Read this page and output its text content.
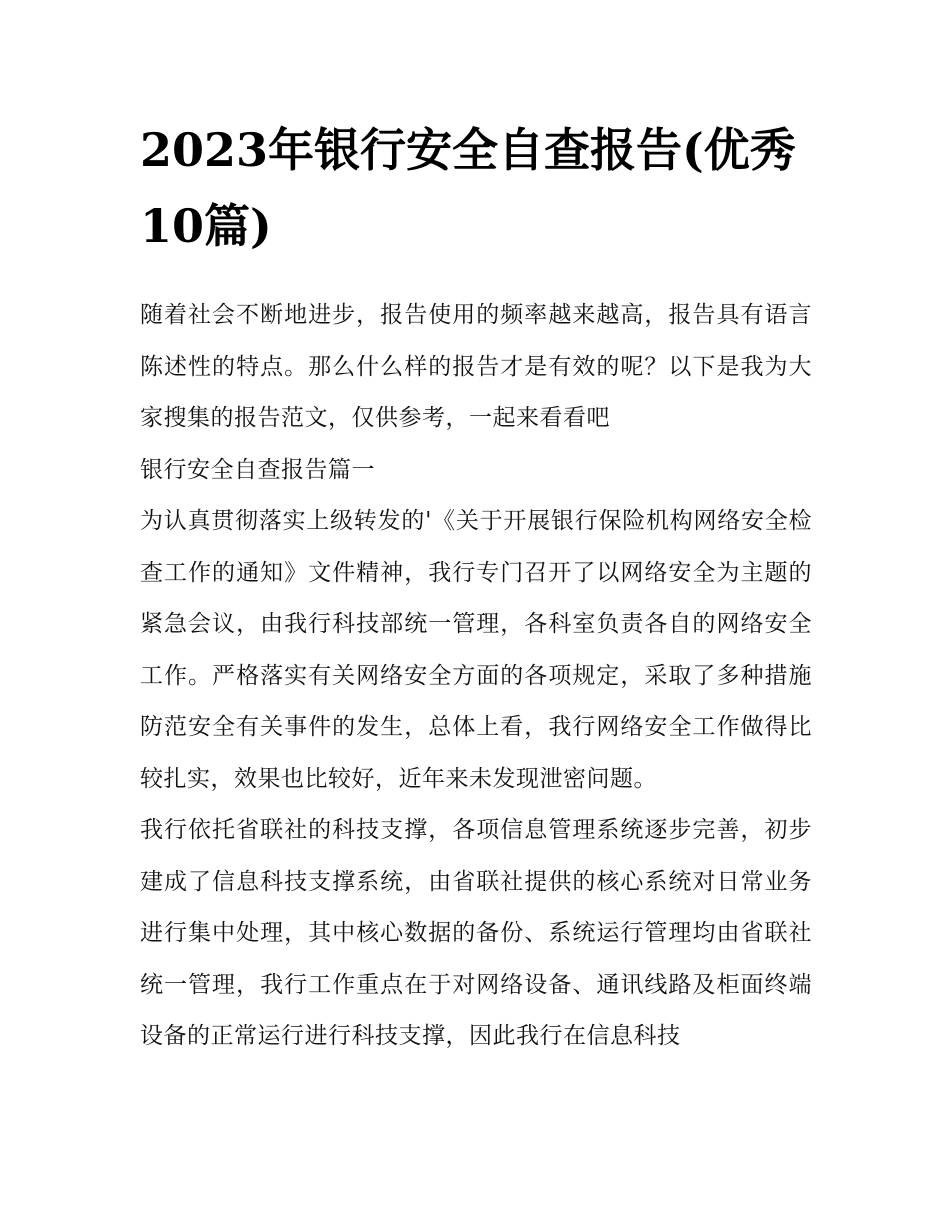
2023年银行安全自查报告(优秀10篇)

随着社会不断地进步，报告使用的频率越来越高，报告具有语言陈述性的特点。那么什么样的报告才是有效的呢？以下是我为大家搜集的报告范文，仅供参考，一起来看看吧

银行安全自查报告篇一

为认真贯彻落实上级转发的'《关于开展银行保险机构网络安全检查工作的通知》文件精神，我行专门召开了以网络安全为主题的紧急会议，由我行科技部统一管理，各科室负责各自的网络安全工作。严格落实有关网络安全方面的各项规定，采取了多种措施防范安全有关事件的发生，总体上看，我行网络安全工作做得比较扎实，效果也比较好，近年来未发现泄密问题。

我行依托省联社的科技支撑，各项信息管理系统逐步完善，初步建成了信息科技支撑系统，由省联社提供的核心系统对日常业务进行集中处理，其中核心数据的备份、系统运行管理均由省联社统一管理，我行工作重点在于对网络设备、通讯线路及柜面终端设备的正常运行进行科技支撑，因此我行在信息科技
